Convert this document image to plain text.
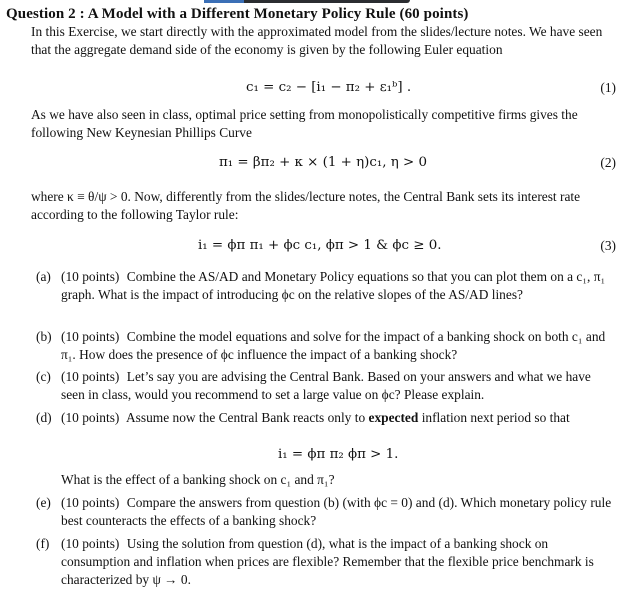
Question 2 : A Model with a Different Monetary Policy Rule (60 points)
In this Exercise, we start directly with the approximated model from the slides/lecture notes. We have seen that the aggregate demand side of the economy is given by the following Euler equation
c₁ = c₂ − [i₁ − π₂ + ε₁ᵇ] .	(1)
As we have also seen in class, optimal price setting from monopolistically competitive firms gives the following New Keynesian Phillips Curve
π₁ = βπ₂ + κ × (1 + η)c₁, η > 0	(2)
where κ ≡ θ/ψ > 0. Now, differently from the slides/lecture notes, the Central Bank sets its interest rate according to the following Taylor rule:
i₁ = ϕπ π₁ + ϕc c₁, ϕπ > 1 & ϕc ≥ 0.	(3)
(a) (10 points) Combine the AS/AD and Monetary Policy equations so that you can plot them on a c₁, π₁ graph. What is the impact of introducing ϕc on the relative slopes of the AS/AD lines?
(b) (10 points) Combine the model equations and solve for the impact of a banking shock on both c₁ and π₁. How does the presence of ϕc influence the impact of a banking shock?
(c) (10 points) Let’s say you are advising the Central Bank. Based on your answers and what we have seen in class, would you recommend to set a large value on ϕc? Please explain.
(d) (10 points) Assume now the Central Bank reacts only to expected inflation next period so that
i₁ = ϕπ π₂ ϕπ > 1.
What is the effect of a banking shock on c₁ and π₁?
(e) (10 points) Compare the answers from question (b) (with ϕc = 0) and (d). Which monetary policy rule best counteracts the effects of a banking shock?
(f) (10 points) Using the solution from question (d), what is the impact of a banking shock on consumption and inflation when prices are flexible? Remember that the flexible price benchmark is characterized by ψ → 0.
